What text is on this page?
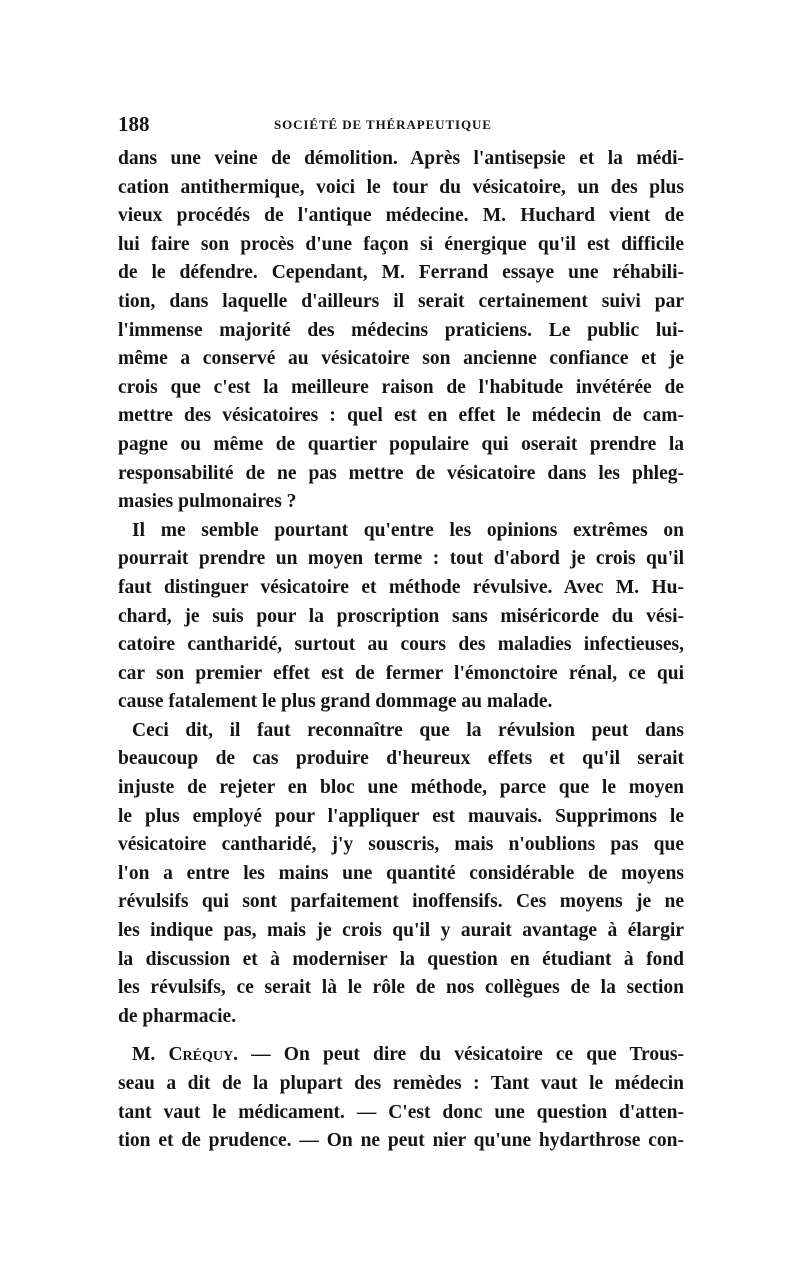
188	SOCIÉTÉ DE THÉRAPEUTIQUE
dans une veine de démolition. Après l'antisepsie et la médi-
cation antithermique, voici le tour du vésicatoire, un des plus
vieux procédés de l'antique médecine. M. Huchard vient de
lui faire son procès d'une façon si énergique qu'il est difficile
de le défendre. Cependant, M. Ferrand essaye une réhabili-
tion, dans laquelle d'ailleurs il serait certainement suivi par
l'immense majorité des médecins praticiens. Le public lui-
même a conservé au vésicatoire son ancienne confiance et je
crois que c'est la meilleure raison de l'habitude invétérée de
mettre des vésicatoires : quel est en effet le médecin de cam-
pagne ou même de quartier populaire qui oserait prendre la
responsabilité de ne pas mettre de vésicatoire dans les phleg-
masies pulmonaires ?
Il me semble pourtant qu'entre les opinions extrêmes on
pourrait prendre un moyen terme : tout d'abord je crois qu'il
faut distinguer vésicatoire et méthode révulsive. Avec M. Hu-
chard, je suis pour la proscription sans miséricorde du vési-
catoire cantharidé, surtout au cours des maladies infectieuses,
car son premier effet est de fermer l'émonctoire rénal, ce qui
cause fatalement le plus grand dommage au malade.
Ceci dit, il faut reconnaître que la révulsion peut dans
beaucoup de cas produire d'heureux effets et qu'il serait
injuste de rejeter en bloc une méthode, parce que le moyen
le plus employé pour l'appliquer est mauvais. Supprimons le
vésicatoire cantharidé, j'y souscris, mais n'oublions pas que
l'on a entre les mains une quantité considérable de moyens
révulsifs qui sont parfaitement inoffensifs. Ces moyens je ne
les indique pas, mais je crois qu'il y aurait avantage à élargir
la discussion et à moderniser la question en étudiant à fond
les révulsifs, ce serait là le rôle de nos collègues de la section
de pharmacie.
M. Créquy. — On peut dire du vésicatoire ce que Trous-
seau a dit de la plupart des remèdes : Tant vaut le médecin
tant vaut le médicament. — C'est donc une question d'atten-
tion et de prudence. — On ne peut nier qu'une hydarthrose con-
